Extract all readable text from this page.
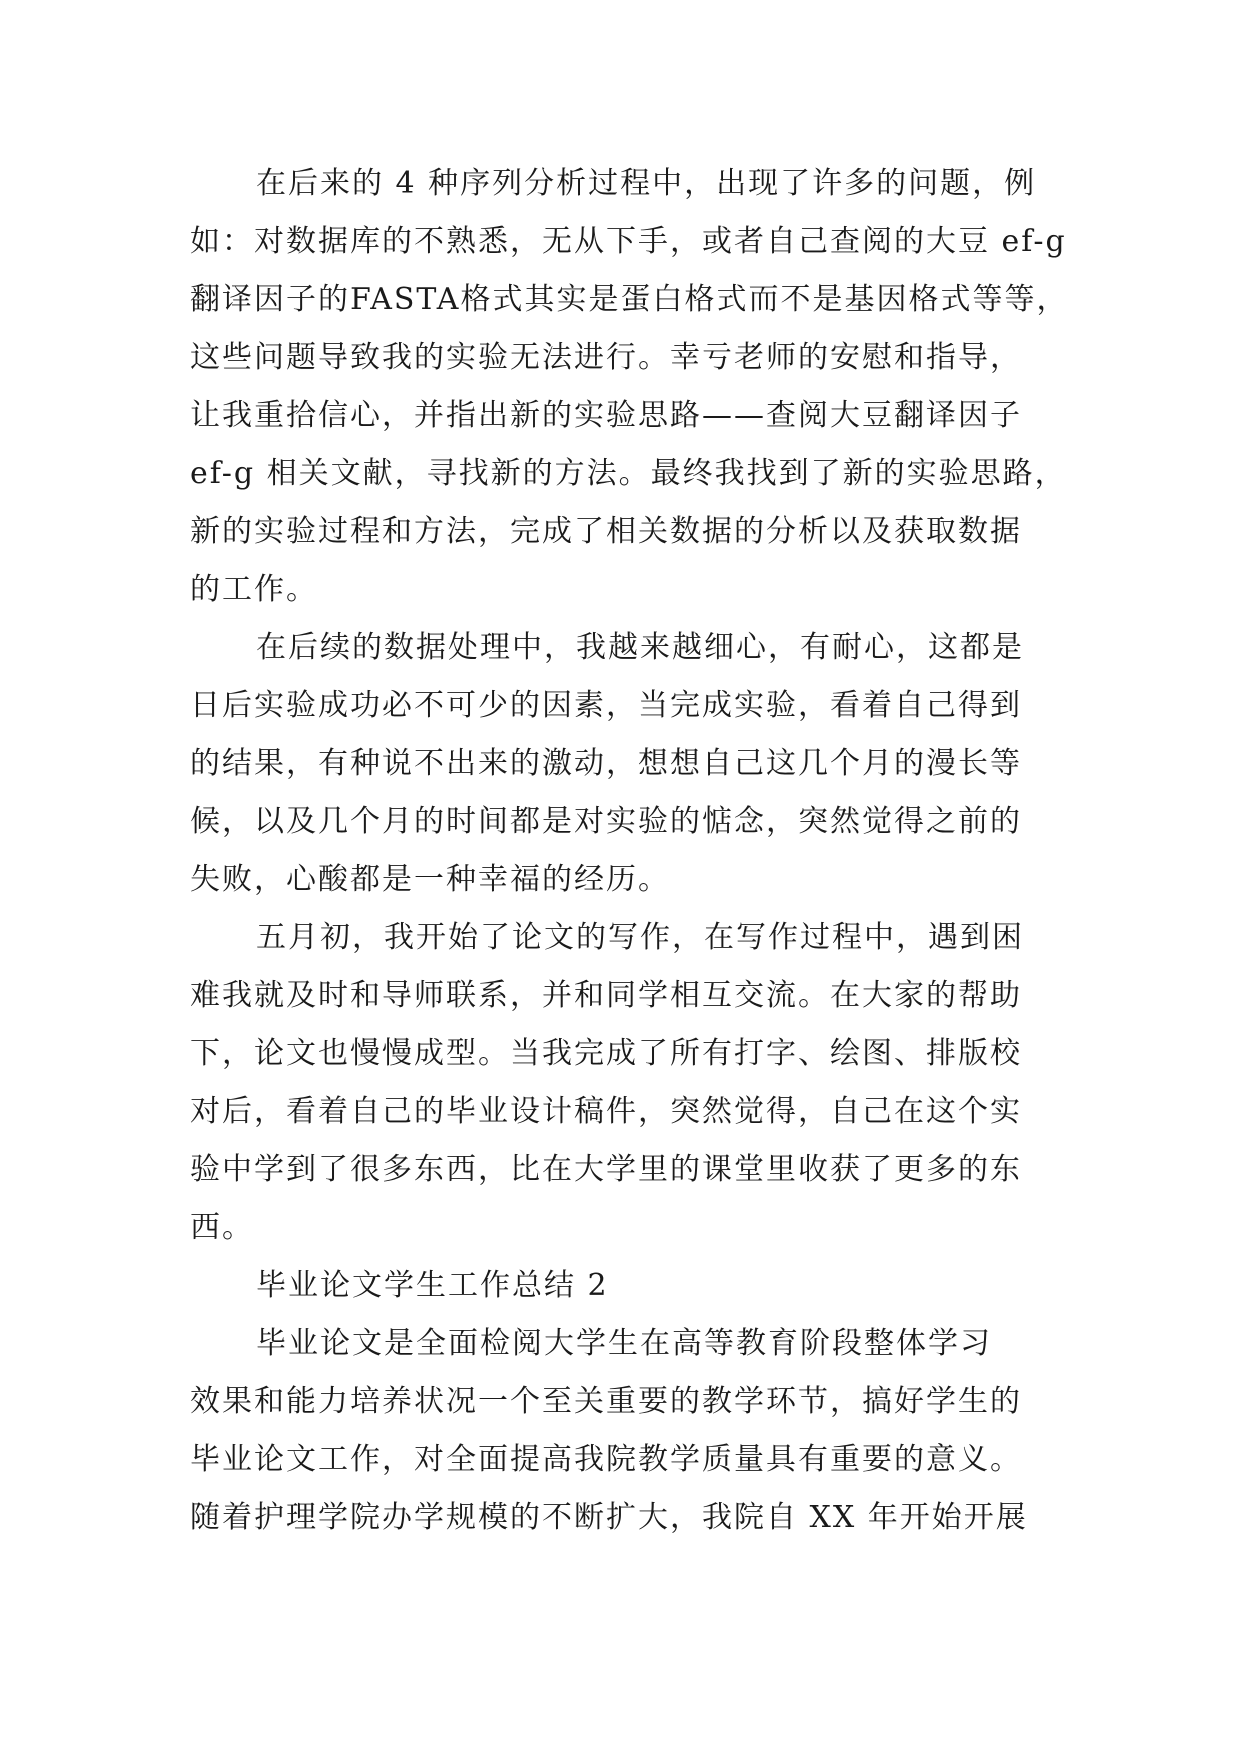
在后来的 4 种序列分析过程中，出现了许多的问题，例
如：对数据库的不熟悉，无从下手，或者自己查阅的大豆 ef-g
翻译因子的FASTA格式其实是蛋白格式而不是基因格式等等，
这些问题导致我的实验无法进行。幸亏老师的安慰和指导，
让我重拾信心，并指出新的实验思路——查阅大豆翻译因子
ef-g 相关文献，寻找新的方法。最终我找到了新的实验思路，
新的实验过程和方法，完成了相关数据的分析以及获取数据
的工作。
在后续的数据处理中，我越来越细心，有耐心，这都是
日后实验成功必不可少的因素，当完成实验，看着自己得到
的结果，有种说不出来的激动，想想自己这几个月的漫长等
候，以及几个月的时间都是对实验的惦念，突然觉得之前的
失败，心酸都是一种幸福的经历。
五月初，我开始了论文的写作，在写作过程中，遇到困
难我就及时和导师联系，并和同学相互交流。在大家的帮助
下，论文也慢慢成型。当我完成了所有打字、绘图、排版校
对后，看着自己的毕业设计稿件，突然觉得，自己在这个实
验中学到了很多东西，比在大学里的课堂里收获了更多的东
西。
毕业论文学生工作总结 2
毕业论文是全面检阅大学生在高等教育阶段整体学习
效果和能力培养状况一个至关重要的教学环节，搞好学生的
毕业论文工作，对全面提高我院教学质量具有重要的意义。
随着护理学院办学规模的不断扩大，我院自 XX 年开始开展
